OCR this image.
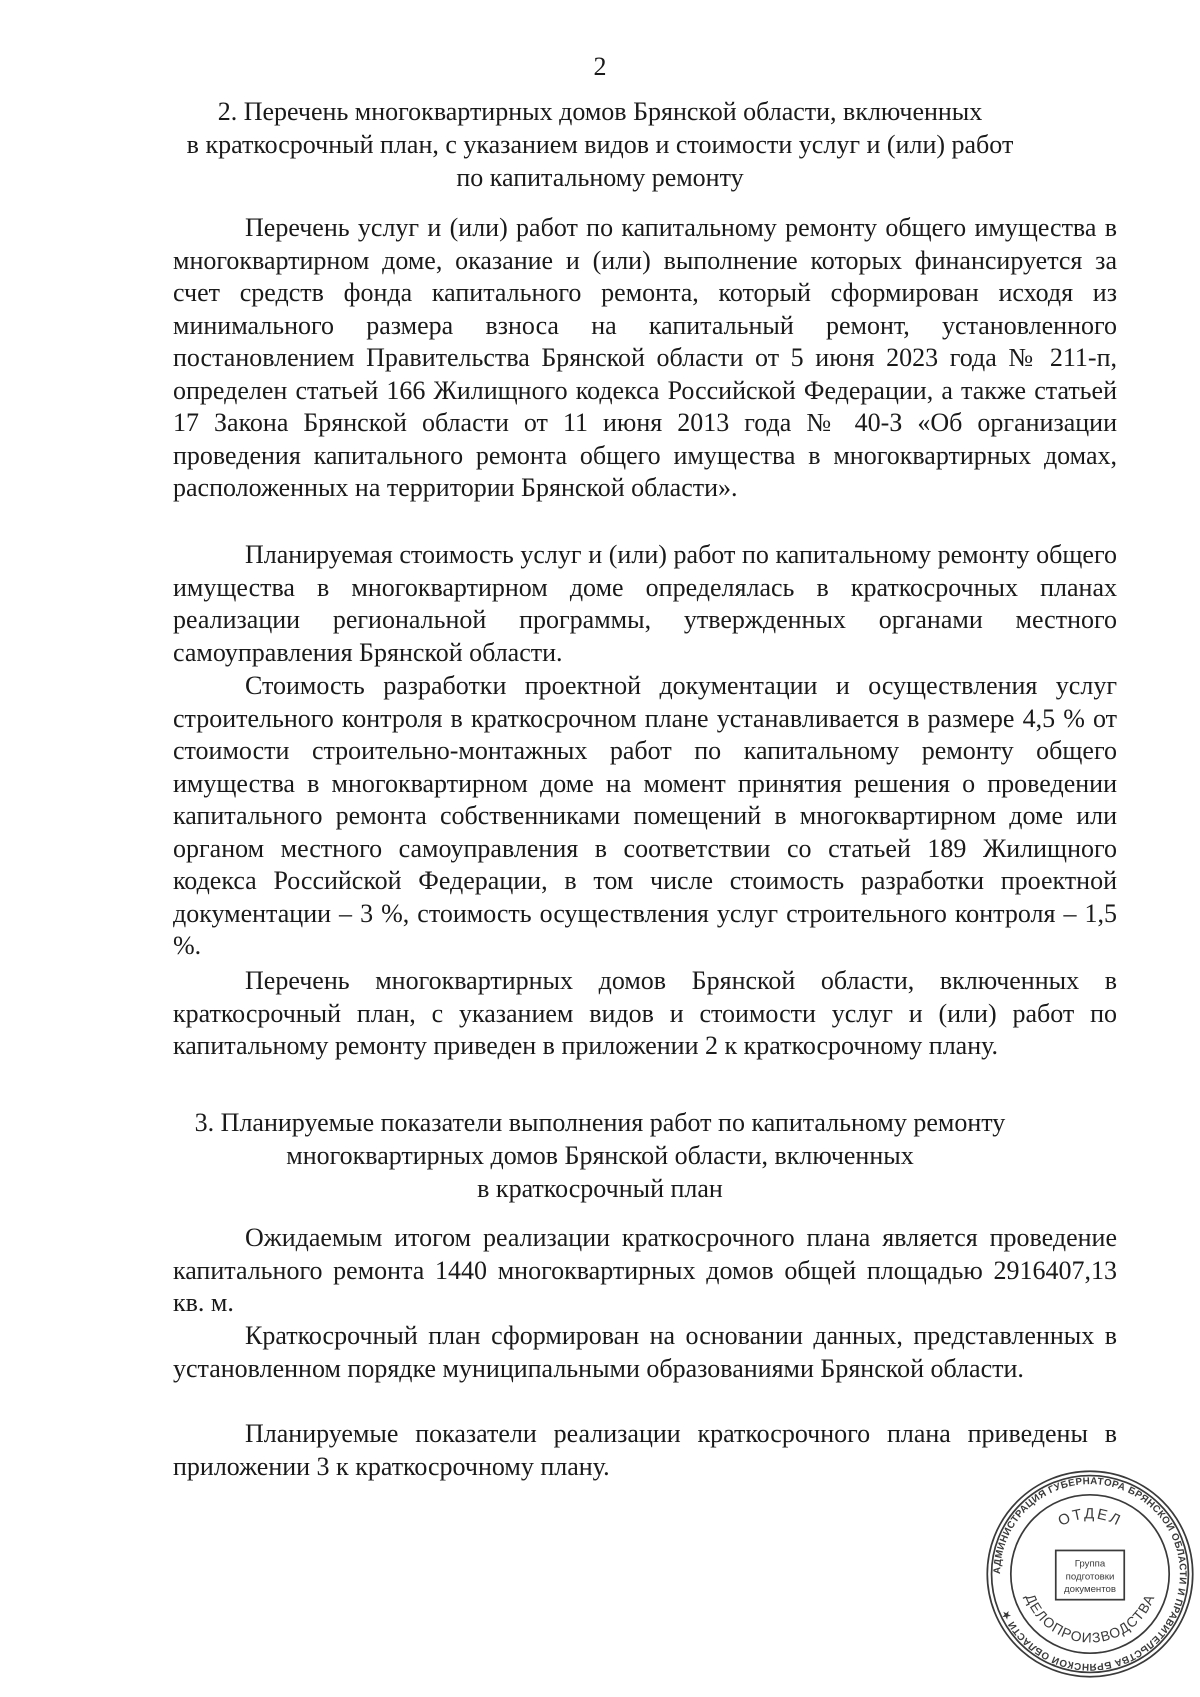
2
2. Перечень многоквартирных домов Брянской области, включенных
в краткосрочный план, с указанием видов и стоимости услуг и (или) работ
по капитальному ремонту

Перечень услуг и (или) работ по капитальному ремонту общего имущества в многоквартирном доме, оказание и (или) выполнение которых финансируется за счет средств фонда капитального ремонта, который сформирован исходя из минимального размера взноса на капитальный ремонт, установленного постановлением Правительства Брянской области от 5 июня 2023 года № 211-п, определен статьей 166 Жилищного кодекса Российской Федерации, а также статьей 17 Закона Брянской области от 11 июня 2013 года № 40-З «Об организации проведения капитального ремонта общего имущества в многоквартирных домах, расположенных на территории Брянской области».

Планируемая стоимость услуг и (или) работ по капитальному ремонту общего имущества в многоквартирном доме определялась в краткосрочных планах реализации региональной программы, утвержденных органами местного самоуправления Брянской области.

Стоимость разработки проектной документации и осуществления услуг строительного контроля в краткосрочном плане устанавливается в размере 4,5 % от стоимости строительно-монтажных работ по капитальному ремонту общего имущества в многоквартирном доме на момент принятия решения о проведении капитального ремонта собственниками помещений в многоквартирном доме или органом местного самоуправления в соответствии со статьей 189 Жилищного кодекса Российской Федерации, в том числе стоимость разработки проектной документации – 3 %, стоимость осуществления услуг строительного контроля – 1,5 %.

Перечень многоквартирных домов Брянской области, включенных в краткосрочный план, с указанием видов и стоимости услуг и (или) работ по капитальному ремонту приведен в приложении 2 к краткосрочному плану.

3. Планируемые показатели выполнения работ по капитальному ремонту
многоквартирных домов Брянской области, включенных
в краткосрочный план

Ожидаемым итогом реализации краткосрочного плана является проведение капитального ремонта 1440 многоквартирных домов общей площадью 2916407,13 кв. м.

Краткосрочный план сформирован на основании данных, представленных в установленном порядке муниципальными образованиями Брянской области.

Планируемые показатели реализации краткосрочного плана приведены в приложении 3 к краткосрочному плану.

АДМИНИСТРАЦИЯ ГУБЕРНАТОРА БРЯНСКОЙ ОБЛАСТИ И ПРАВИТЕЛЬСТВА БРЯНСКОЙ ОБЛАСТИ ★
ОТДЕЛ
ДЕЛОПРОИЗВОДСТВА
Группа
подготовки
документов
